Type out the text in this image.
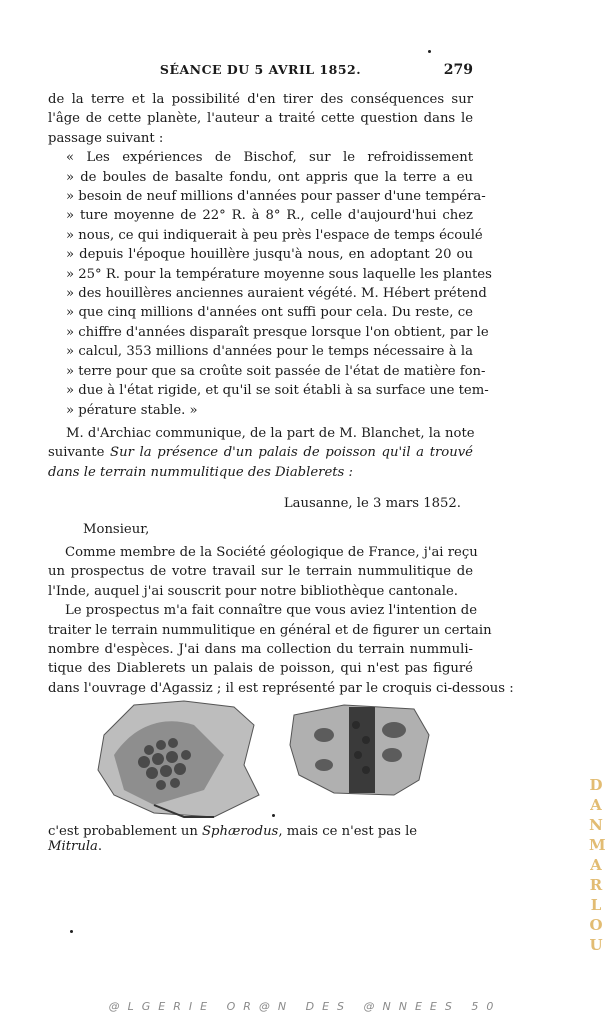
SÉANCE DU 5 AVRIL 1852.	279
de la terre et la possibilité d'en tirer des conséquences sur
l'âge de cette planète, l'auteur a traité cette question dans le
passage suivant :
« Les expériences de Bischof, sur le refroidissement
» de boules de basalte fondu, ont appris que la terre a eu
» besoin de neuf millions d'années pour passer d'une tempéra-
» ture moyenne de 22° R. à 8° R., celle d'aujourd'hui chez
» nous, ce qui indiquerait à peu près l'espace de temps écoulé
» depuis l'époque houillère jusqu'à nous, en adoptant 20 ou
» 25° R. pour la température moyenne sous laquelle les plantes
» des houillères anciennes auraient végété. M. Hébert prétend
» que cinq millions d'années ont suffi pour cela. Du reste, ce
» chiffre d'années disparaît presque lorsque l'on obtient, par le
» calcul, 353 millions d'années pour le temps nécessaire à la
» terre pour que sa croûte soit passée de l'état de matière fon-
» due à l'état rigide, et qu'il se soit établi à sa surface une tem-
» pérature stable. »
M. d'Archiac communique, de la part de M. Blanchet, la note
suivante Sur la présence d'un palais de poisson qu'il a trouvé
dans le terrain nummulitique des Diablerets :
Lausanne, le 3 mars 1852.
Monsieur,
Comme membre de la Société géologique de France, j'ai reçu
un prospectus de votre travail sur le terrain nummulitique de
l'Inde, auquel j'ai souscrit pour notre bibliothèque cantonale.
Le prospectus m'a fait connaître que vous aviez l'intention de
traiter le terrain nummulitique en général et de figurer un certain
nombre d'espèces. J'ai dans ma collection du terrain nummuli-
tique des Diablerets un palais de poisson, qui n'est pas figuré
dans l'ouvrage d'Agassiz ; il est représenté par le croquis ci-dessous :
c'est probablement un Sphærodus, mais ce n'est pas le Mitrula.
DANMARLOU
@LGERIE OR@N DES @NNEES 50
